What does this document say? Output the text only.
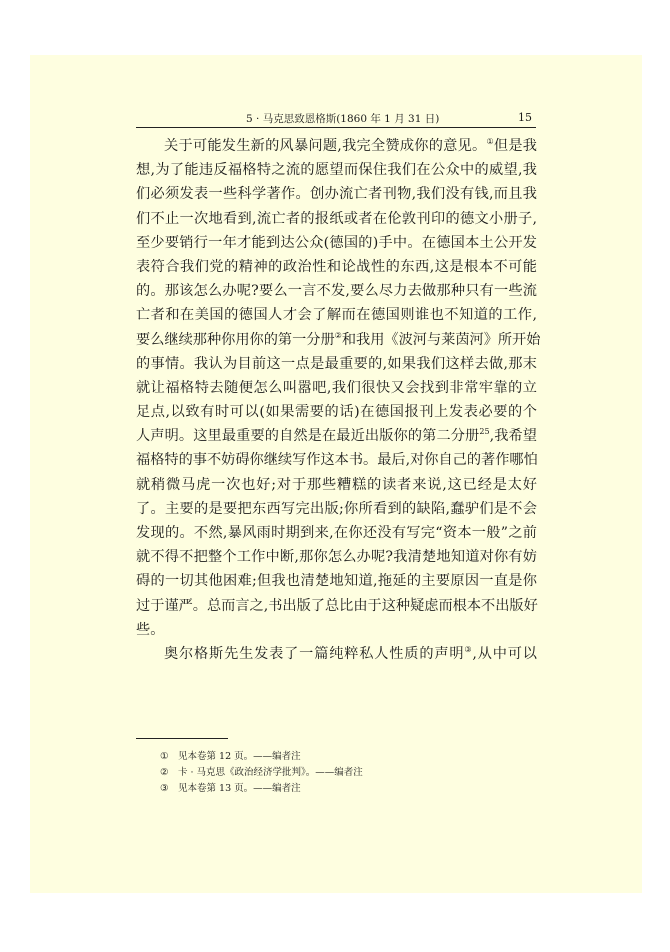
5 · 马克思致恩格斯(1860 年 1 月 31 日)	15
关于可能发生新的风暴问题,我完全赞成你的意见。①但是我
想,为了能违反福格特之流的愿望而保住我们在公众中的威望,我
们必须发表一些科学著作。创办流亡者刊物,我们没有钱,而且我
们不止一次地看到,流亡者的报纸或者在伦敦刊印的德文小册子,
至少要销行一年才能到达公众(德国的)手中。在德国本土公开发
表符合我们党的精神的政治性和论战性的东西,这是根本不可能
的。那该怎么办呢?要么一言不发,要么尽力去做那种只有一些流
亡者和在美国的德国人才会了解而在德国则谁也不知道的工作,
要么继续那种你用你的第一分册②和我用《波河与莱茵河》所开始
的事情。我认为目前这一点是最重要的,如果我们这样去做,那末
就让福格特去随便怎么叫嚣吧,我们很快又会找到非常牢靠的立
足点,以致有时可以(如果需要的话)在德国报刊上发表必要的个
人声明。这里最重要的自然是在最近出版你的第二分册$^{25}$,我希望
福格特的事不妨碍你继续写作这本书。最后,对你自己的著作哪怕
就稍微马虎一次也好;对于那些糟糕的读者来说,这已经是太好
了。主要的是要把东西写完出版;你所看到的缺陷,蠢驴们是不会
发现的。不然,暴风雨时期到来,在你还没有写完“资本一般”之前
就不得不把整个工作中断,那你怎么办呢?我清楚地知道对你有妨
碍的一切其他困难;但我也清楚地知道,拖延的主要原因一直是你
过于谨严。总而言之,书出版了总比由于这种疑虑而根本不出版好
些。
奥尔格斯先生发表了一篇纯粹私人性质的声明③,从中可以
① 见本卷第 12 页。——编者注
② 卡 · 马克思《政治经济学批判》。——编者注
③ 见本卷第 13 页。——编者注
